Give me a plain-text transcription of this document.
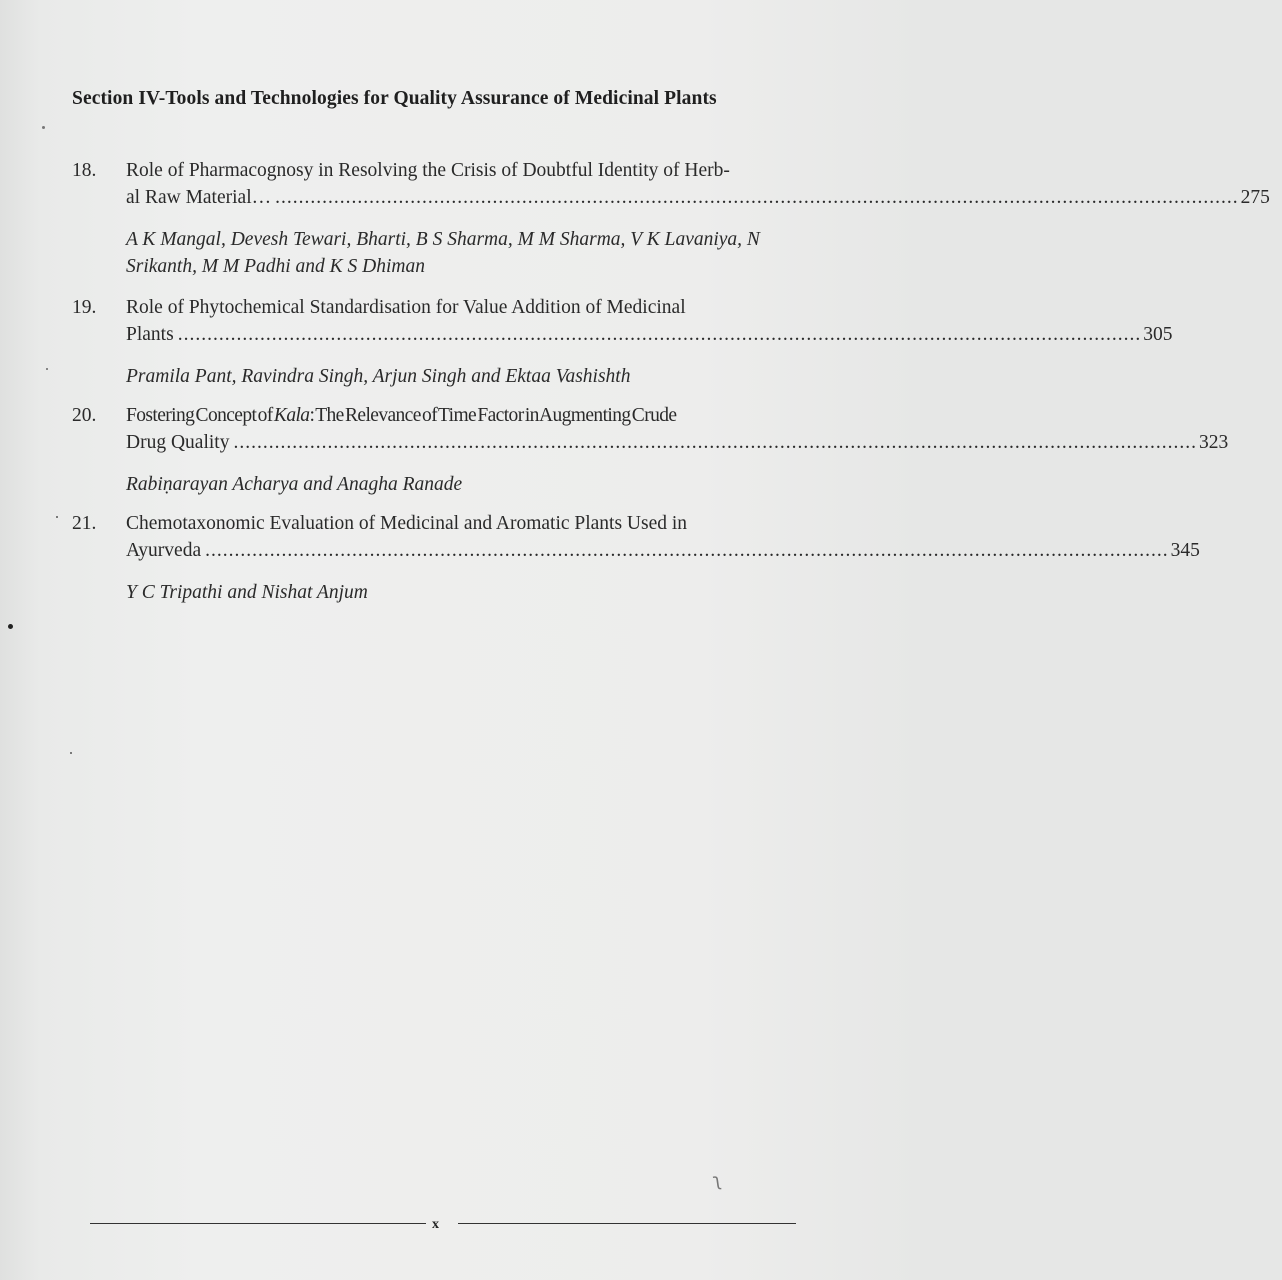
Section IV-Tools and Technologies for Quality Assurance of Medicinal Plants
18. Role of Pharmacognosy in Resolving the Crisis of Doubtful Identity of Herb-
al Raw Material… .................................................................................................................................................................... 275
A K Mangal, Devesh Tewari, Bharti, B S Sharma, M M Sharma, V K Lavaniya, N Srikanth, M M Padhi and K S Dhiman
19. Role of Phytochemical Standardisation for Value Addition of Medicinal
Plants .................................................................................................................................................................... 305
Pramila Pant, Ravindra Singh, Arjun Singh and Ektaa Vashishth
20. Fostering Concept of Kala: The Relevance of Time Factor in Augmenting Crude
Drug Quality .................................................................................................................................................................... 323
Rabiṇarayan Acharya and Anagha Ranade
21. Chemotaxonomic Evaluation of Medicinal and Aromatic Plants Used in
Ayurveda .................................................................................................................................................................... 345
Y C Tripathi and Nishat Anjum
x
ʅ
